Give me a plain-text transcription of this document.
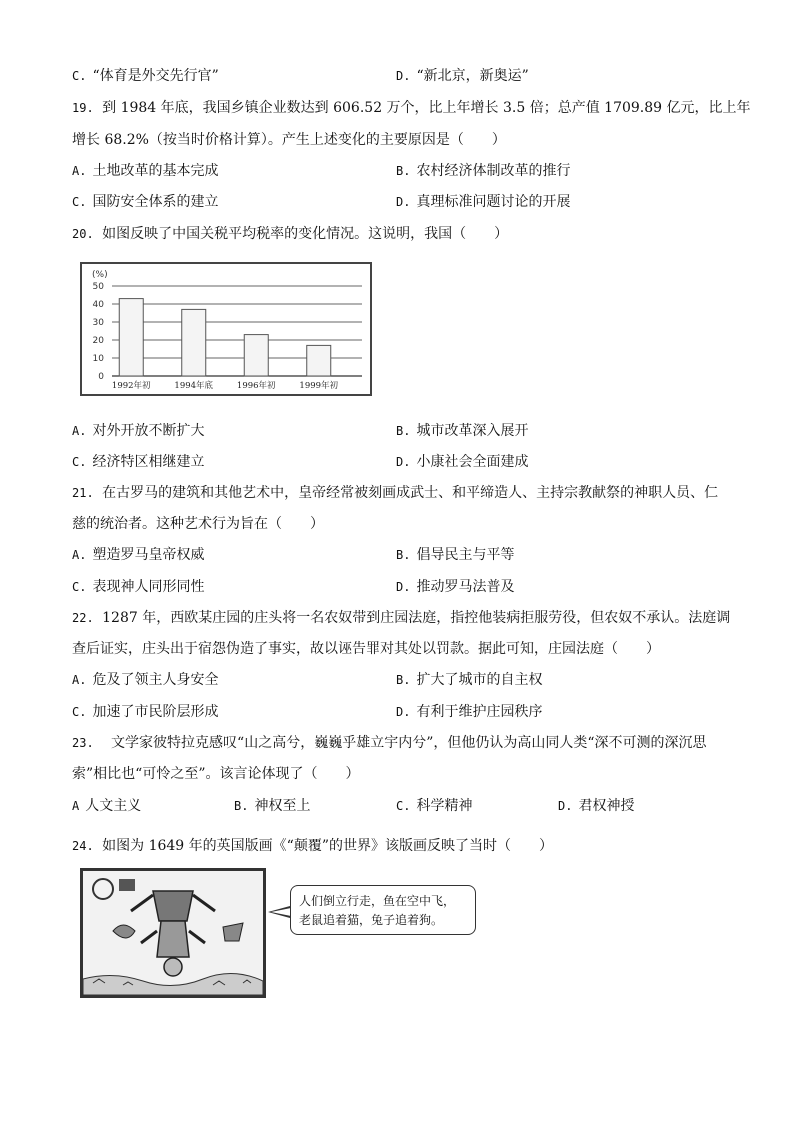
C. “体育是外交先行官”	D. “新北京，新奥运”
19. 到 1984 年底，我国乡镇企业数达到 606.52 万个，比上年增长 3.5 倍；总产值 1709.89 亿元，比上年
增长 68.2%（按当时价格计算）。产生上述变化的主要原因是（　　）
A. 土地改革的基本完成	B. 农村经济体制改革的推行
C. 国防安全体系的建立	D. 真理标准问题讨论的开展
20. 如图反映了中国关税平均税率的变化情况。这说明，我国（　　）
(%)
0
10
20
30
40
50
1992年初	1994年底	1996年初	1999年初
A. 对外开放不断扩大	B. 城市改革深入展开
C. 经济特区相继建立	D. 小康社会全面建成
21. 在古罗马的建筑和其他艺术中，皇帝经常被刻画成武士、和平缔造人、主持宗教献祭的神职人员、仁
慈的统治者。这种艺术行为旨在（　　）
A. 塑造罗马皇帝权威	B. 倡导民主与平等
C. 表现神人同形同性	D. 推动罗马法普及
22. 1287 年，西欧某庄园的庄头将一名农奴带到庄园法庭，指控他装病拒服劳役，但农奴不承认。法庭调
查后证实，庄头出于宿怨伪造了事实，故以诬告罪对其处以罚款。据此可知，庄园法庭（　　）
A. 危及了领主人身安全	B. 扩大了城市的自主权
C. 加速了市民阶层形成	D. 有利于维护庄园秩序
23. 文学家彼特拉克感叹“山之高兮，巍巍乎雄立宇内兮”，但他仍认为高山同人类“深不可测的深沉思
索”相比也“可怜之至”。该言论体现了（　　）
A 人文主义	B. 神权至上	C. 科学精神	D. 君权神授
24. 如图为 1649 年的英国版画《“颠覆”的世界》该版画反映了当时（　　）
人们倒立行走，鱼在空中飞，
老鼠追着猫，兔子追着狗。
